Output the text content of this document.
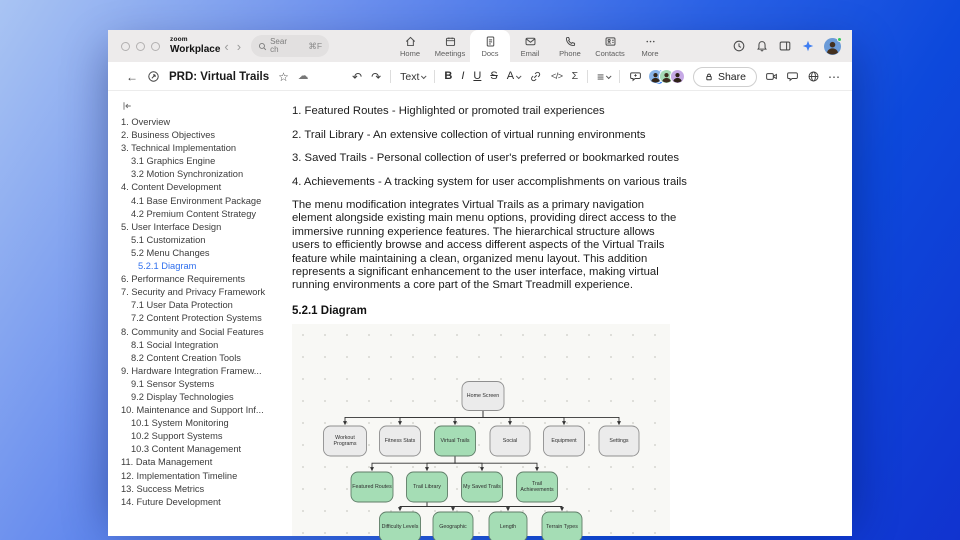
zoom
Workplace ‹ ›	Search	⌘F
Home Meetings Docs	Email	Phone Contacts More
←	PRD: Virtual Trails ☆ ☁	↶ ↷ Text B I U S A	</> Σ ≡	Share	⋯
1. Overview
2. Business Objectives
3. Technical Implementation
3.1 Graphics Engine
3.2 Motion Synchronization
4. Content Development
4.1 Base Environment Package
4.2 Premium Content Strategy
5. User Interface Design
5.1 Customization
5.2 Menu Changes
5.2.1 Diagram
6. Performance Requirements
7. Security and Privacy Framework
7.1 User Data Protection
7.2 Content Protection Systems
8. Community and Social Features
8.1 Social Integration
8.2 Content Creation Tools
9. Hardware Integration Framew...
9.1 Sensor Systems
9.2 Display Technologies
10. Maintenance and Support Inf...
10.1 System Monitoring
10.2 Support Systems
10.3 Content Management
11. Data Management
12. Implementation Timeline
13. Success Metrics
14. Future Development
1. Featured Routes - Highlighted or promoted trail experiences
2. Trail Library - An extensive collection of virtual running environments
3. Saved Trails - Personal collection of user's preferred or bookmarked routes
4. Achievements - A tracking system for user accomplishments on various trails

The menu modification integrates Virtual Trails as a primary navigation element alongside existing main menu options, providing direct access to the immersive running experience features. The hierarchical structure allows users to efficiently browse and access different aspects of the Virtual Trails feature while maintaining a clean, organized menu layout. This addition represents a significant enhancement to the user interface, making virtual running environments a core part of the Smart Treadmill experience.

5.2.1 Diagram
Home Screen
Workout
Programs
Fitness Stats	Virtual Trails	Social	Equipment	Settings
Featured Routes	Trail Library	My Saved Trails
Trail
Achievements
Difficulty Levels	Geographic	Length	Terrain Types
